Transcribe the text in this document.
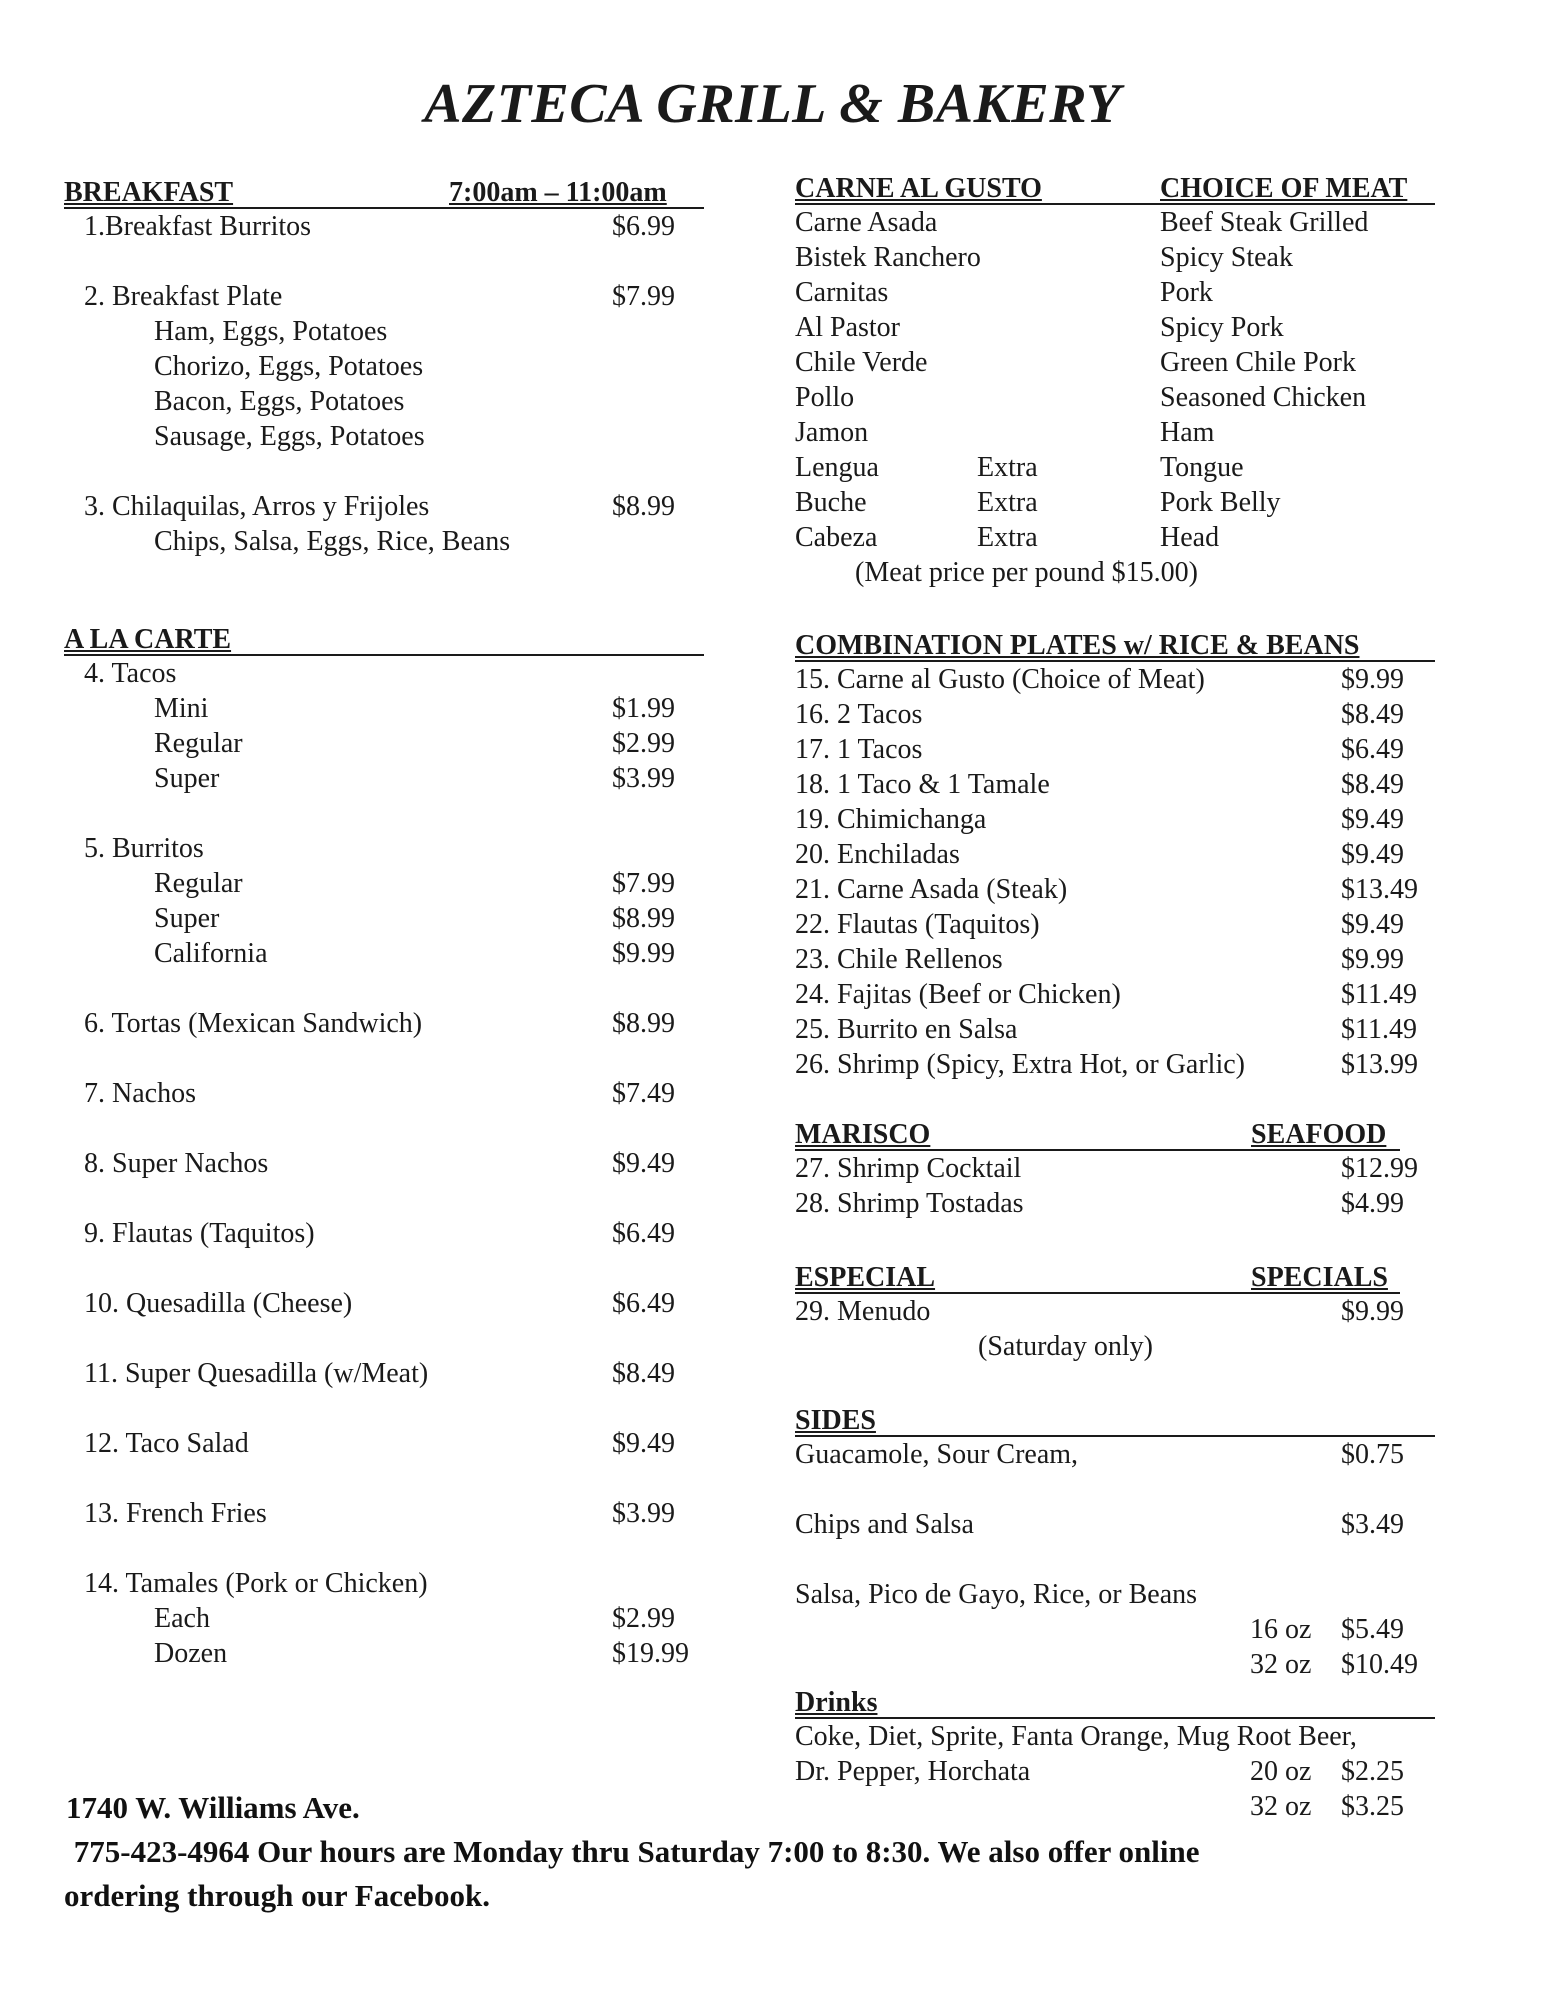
AZTECA GRILL & BAKERY
BREAKFAST	7:00am – 11:00am
1.Breakfast Burritos	$6.99
2. Breakfast Plate	$7.99
Ham, Eggs, Potatoes
Chorizo, Eggs, Potatoes
Bacon, Eggs, Potatoes
Sausage, Eggs, Potatoes
3. Chilaquilas, Arros y Frijoles	$8.99
Chips, Salsa, Eggs, Rice, Beans
A LA CARTE
4. Tacos
Mini	$1.99
Regular	$2.99
Super	$3.99
5. Burritos
Regular	$7.99
Super	$8.99
California	$9.99
6. Tortas (Mexican Sandwich)	$8.99
7. Nachos	$7.49
8. Super Nachos	$9.49
9. Flautas (Taquitos)	$6.49
10. Quesadilla (Cheese)	$6.49
11. Super Quesadilla (w/Meat)	$8.49
12. Taco Salad	$9.49
13. French Fries	$3.99
14. Tamales (Pork or Chicken)
Each	$2.99
Dozen	$19.99
CARNE AL GUSTO	CHOICE OF MEAT
Carne Asada	Beef Steak Grilled
Bistek Ranchero	Spicy Steak
Carnitas	Pork
Al Pastor	Spicy Pork
Chile Verde	Green Chile Pork
Pollo	Seasoned Chicken
Jamon	Ham
Lengua	Extra	Tongue
Buche	Extra	Pork Belly
Cabeza	Extra	Head
(Meat price per pound $15.00)
COMBINATION PLATES w/ RICE & BEANS
15. Carne al Gusto (Choice of Meat)	$9.99
16. 2 Tacos	$8.49
17. 1 Tacos	$6.49
18. 1 Taco & 1 Tamale	$8.49
19. Chimichanga	$9.49
20. Enchiladas	$9.49
21. Carne Asada (Steak)	$13.49
22. Flautas (Taquitos)	$9.49
23. Chile Rellenos	$9.99
24. Fajitas (Beef or Chicken)	$11.49
25. Burrito en Salsa	$11.49
26. Shrimp (Spicy, Extra Hot, or Garlic)	$13.99
MARISCO	SEAFOOD
27. Shrimp Cocktail	$12.99
28. Shrimp Tostadas	$4.99
ESPECIAL	SPECIALS
29. Menudo	$9.99
(Saturday only)
SIDES
Guacamole, Sour Cream,	$0.75
Chips and Salsa	$3.49
Salsa, Pico de Gayo, Rice, or Beans
16 oz $5.49
32 oz $10.49
Drinks
Coke, Diet, Sprite, Fanta Orange, Mug Root Beer,
Dr. Pepper, Horchata	20 oz $2.25
32 oz $3.25
1740 W. Williams Ave.
775-423-4964 Our hours are Monday thru Saturday 7:00 to 8:30. We also offer online
ordering through our Facebook.
